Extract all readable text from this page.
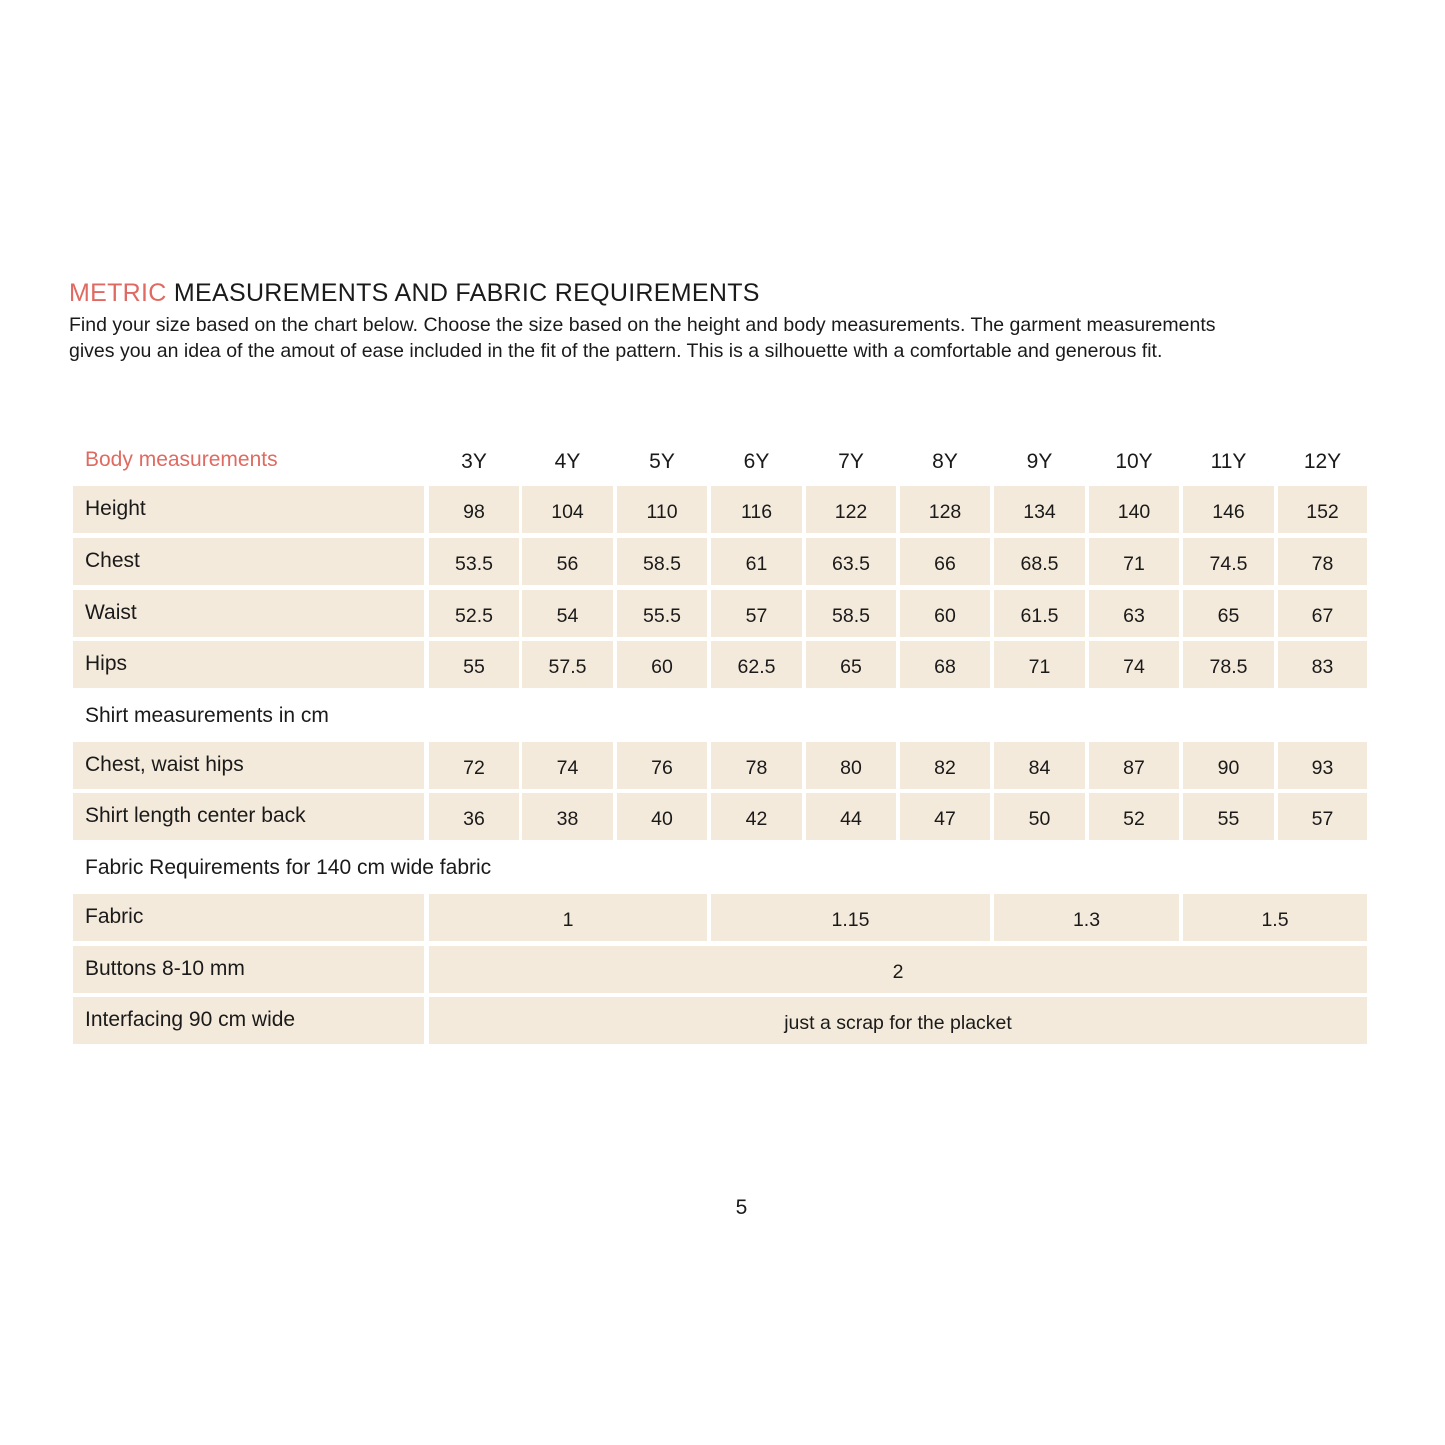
METRIC MEASUREMENTS AND FABRIC REQUIREMENTS

Find your size based on the chart below. Choose the size based on the height and body measurements. The garment measurements
gives you an idea of the amout of ease included in the fit of the pattern. This is a silhouette with a comfortable and generous fit.

Body measurements
Shirt measurements in cm
Fabric Requirements for 140 cm wide fabric
3Y	4Y	5Y	6Y	7Y	8Y	9Y	10Y	11Y	12Y
Height	98	104	110	116	122	128	134	140	146	152
Chest	53.5	56	58.5	61	63.5	66	68.5	71	74.5	78
Waist	52.5	54	55.5	57	58.5	60	61.5	63	65	67
Hips	55	57.5	60	62.5	65	68	71	74	78.5	83
Chest, waist hips	72	74	76	78	80	82	84	87	90	93
Shirt length center back	36	38	40	42	44	47	50	52	55	57
Fabric	1	1.15	1.3	1.5
Buttons 8-10 mm	2
Interfacing 90 cm wide	just a scrap for the placket
5
